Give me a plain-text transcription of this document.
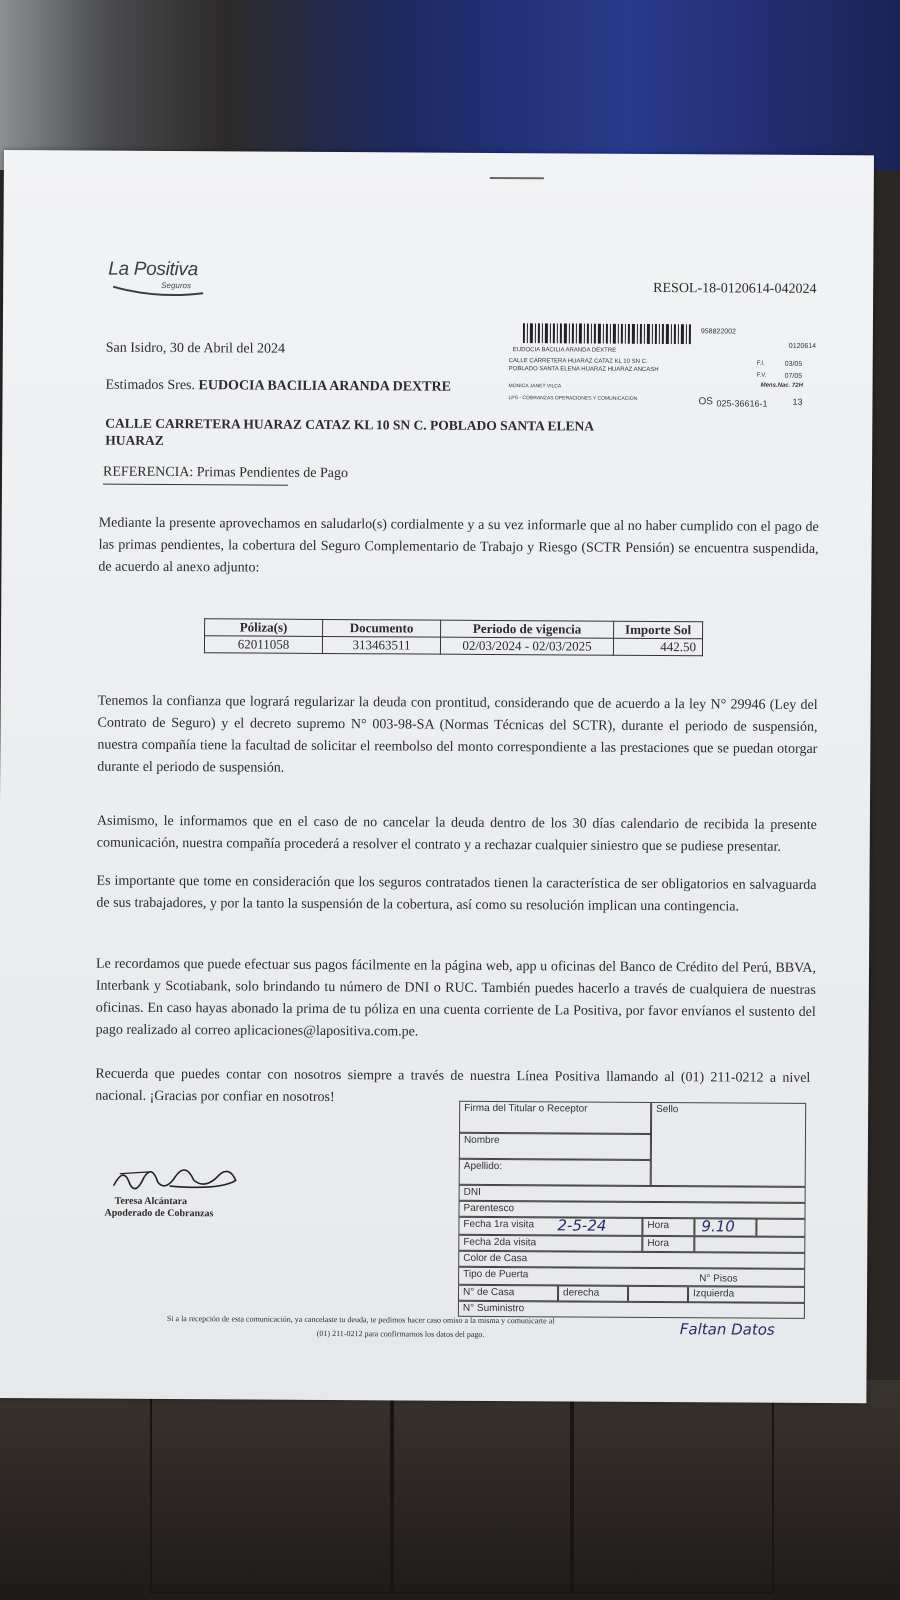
La Positiva
Seguros	RESOL-18-0120614-042024
958822002
0120614
EUDOCIA BACILIA ARANDA DEXTRE
CALLE CARRETERA HUARAZ CATAZ KL 10 SN C.
POBLADO SANTA ELENA HUARAZ HUARAZ ANCASH
F.I.	03/05
F.V.	07/05
Mens.Nac. 72H
MONICA JANET VILCA
LPS - COBRANZAS OPERACIONES Y COMUNICACION	OS 025-36616-1	13
San Isidro, 30 de Abril del 2024
Estimados Sres. EUDOCIA BACILIA ARANDA DEXTRE
CALLE CARRETERA HUARAZ CATAZ KL 10 SN C. POBLADO SANTA ELENA
HUARAZ
REFERENCIA: Primas Pendientes de Pago
Mediante la presente aprovechamos en saludarlo(s) cordialmente y a su vez informarle que al no haber cumplido con el pago de las primas pendientes, la cobertura del Seguro Complementario de Trabajo y Riesgo (SCTR Pensión) se encuentra suspendida, de acuerdo al anexo adjunto:
Póliza(s)	Documento	Periodo de vigencia	Importe Sol
62011058	313463511	02/03/2024 - 02/03/2025	442.50
Tenemos la confianza que logrará regularizar la deuda con prontitud, considerando que de acuerdo a la ley N° 29946 (Ley del Contrato de Seguro) y el decreto supremo N° 003-98-SA (Normas Técnicas del SCTR), durante el periodo de suspensión, nuestra compañía tiene la facultad de solicitar el reembolso del monto correspondiente a las prestaciones que se puedan otorgar durante el periodo de suspensión.
Asimismo, le informamos que en el caso de no cancelar la deuda dentro de los 30 días calendario de recibida la presente comunicación, nuestra compañía procederá a resolver el contrato y a rechazar cualquier siniestro que se pudiese presentar.
Es importante que tome en consideración que los seguros contratados tienen la característica de ser obligatorios en salvaguarda de sus trabajadores, y por la tanto la suspensión de la cobertura, así como su resolución implican una contingencia.
Le recordamos que puede efectuar sus pagos fácilmente en la página web, app u oficinas del Banco de Crédito del Perú, BBVA, Interbank y Scotiabank, solo brindando tu número de DNI o RUC. También puedes hacerlo a través de cualquiera de nuestras oficinas. En caso hayas abonado la prima de tu póliza en una cuenta corriente de La Positiva, por favor envíanos el sustento del pago realizado al correo aplicaciones@lapositiva.com.pe.
Recuerda que puedes contar con nosotros siempre a través de nuestra Línea Positiva llamando al (01) 211-0212 a nivel nacional. ¡Gracias por confiar en nosotros!
Teresa Alcántara
Apoderado de Cobranzas
Firma del Titular o Receptor	Sello
Nombre
Apellido:
DNI
Parentesco
Fecha 1ra visita 2-5-24	Hora	9.10
Fecha 2da visita	Hora
Color de Casa
Tipo de Puerta	N° Pisos
N° de Casa	derecha	Izquierda
N° Suministro
Faltan Datos
Si a la recepción de esta comunicación, ya cancelaste tu deuda, te pedimos hacer caso omiso a la misma y comunicarte al
(01) 211-0212 para confirmarnos los datos del pago.
